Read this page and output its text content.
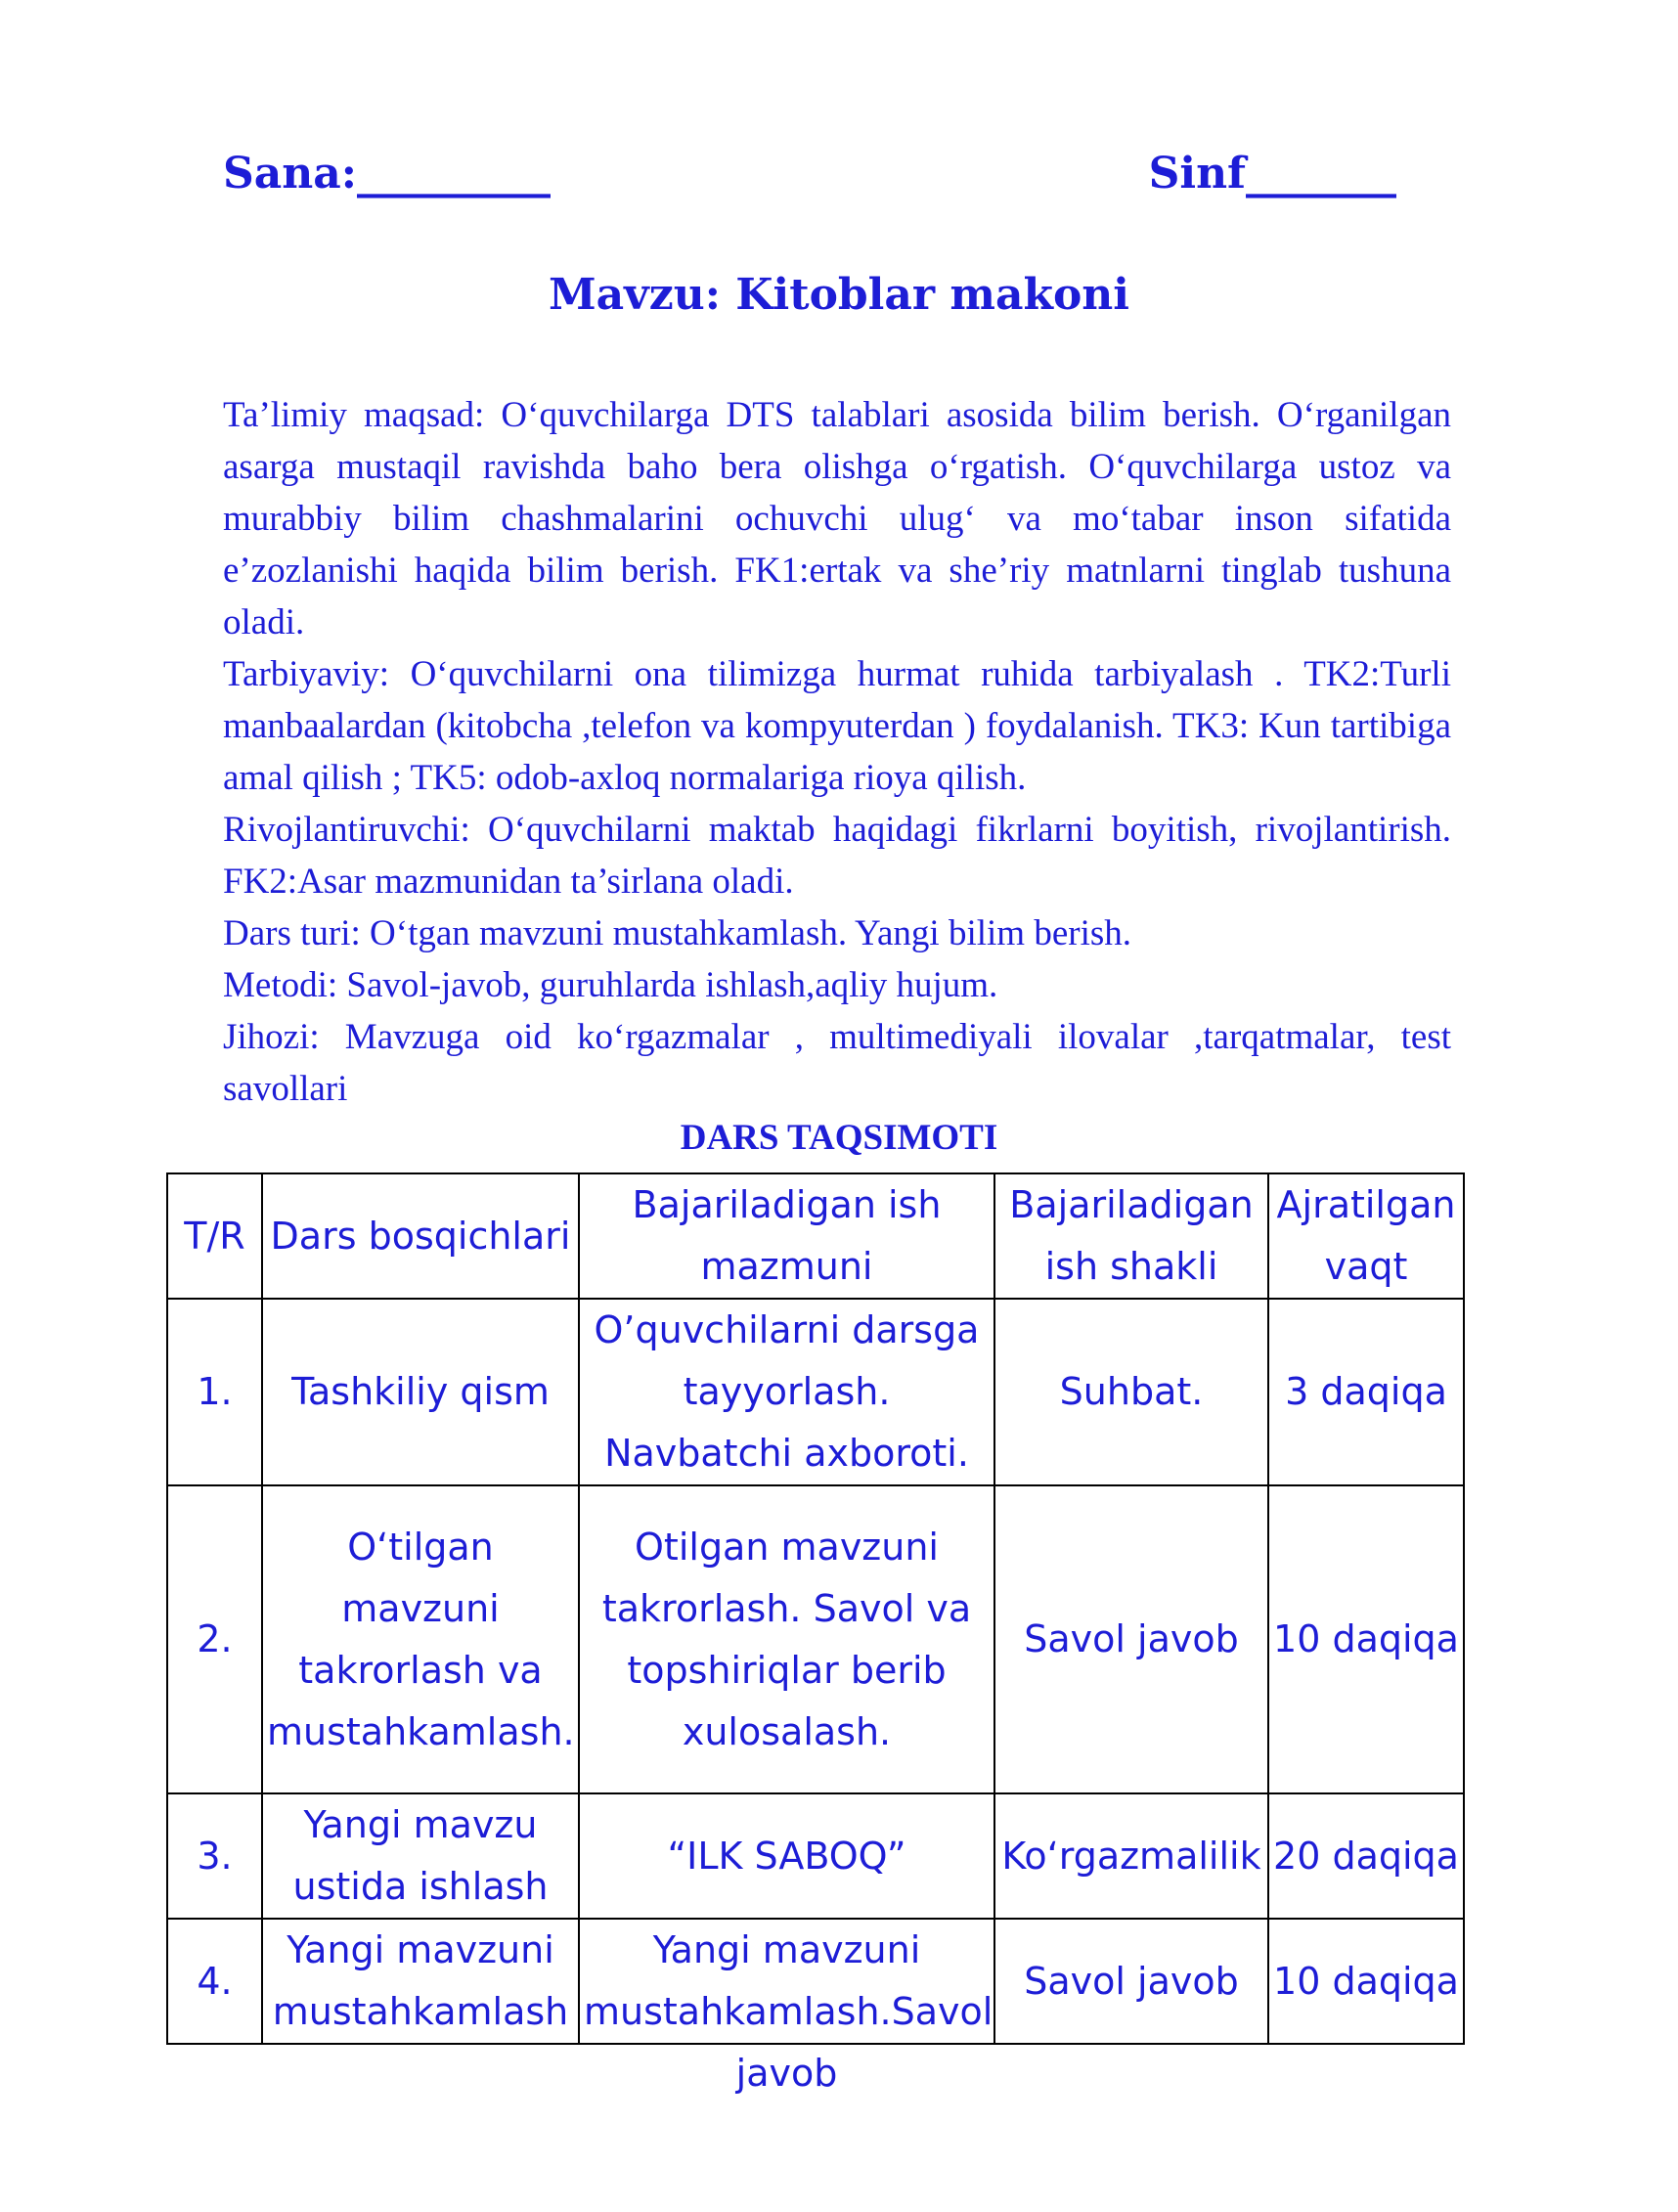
Sana:_________	Sinf_______
Mavzu: Kitoblar makoni

Ta’limiy maqsad: O‘quvchilarga DTS talablari asosida bilim berish. O‘rganilgan asarga mustaqil ravishda baho bera olishga o‘rgatish. O‘quvchilarga ustoz va murabbiy bilim chashmalarini ochuvchi ulug‘ va mo‘tabar inson sifatida e’zozlanishi haqida bilim berish. FK1:ertak va she’riy matnlarni tinglab tushuna oladi.

Tarbiyaviy: O‘quvchilarni ona tilimizga hurmat ruhida tarbiyalash . TK2:Turli manbaalardan (kitobcha ,telefon va kompyuterdan ) foydalanish. TK3: Kun tartibiga amal qilish ; TK5: odob-axloq normalariga rioya qilish.

Rivojlantiruvchi: O‘quvchilarni maktab haqidagi fikrlarni boyitish, rivojlantirish. FK2:Asar mazmunidan ta’sirlana oladi.

Dars turi: O‘tgan mavzuni mustahkamlash. Yangi bilim berish.

Metodi: Savol-javob, guruhlarda ishlash,aqliy hujum.

Jihozi: Mavzuga oid ko‘rgazmalar , multimediyali ilovalar ,tarqatmalar, test savollari

DARS TAQSIMOTI
T/R	Dars bosqichlari	Bajariladigan ish mazmuni	Bajariladigan ish shakli	Ajratilgan vaqt
1.	Tashkiliy qism	O’quvchilarni darsga tayyorlash. Navbatchi axboroti.	Suhbat.	3 daqiqa
2.	O‘tilgan mavzuni takrorlash va mustahkamlash.	Otilgan mavzuni takrorlash. Savol va topshiriqlar berib xulosalash.	Savol javob	10 daqiqa
3.	Yangi mavzu ustida ishlash	“ILK SABOQ”	Ko‘rgazmalilik	20 daqiqa
4.	Yangi mavzuni mustahkamlash	Yangi mavzuni mustahkamlash.Savol javob	Savol javob	10 daqiqa
